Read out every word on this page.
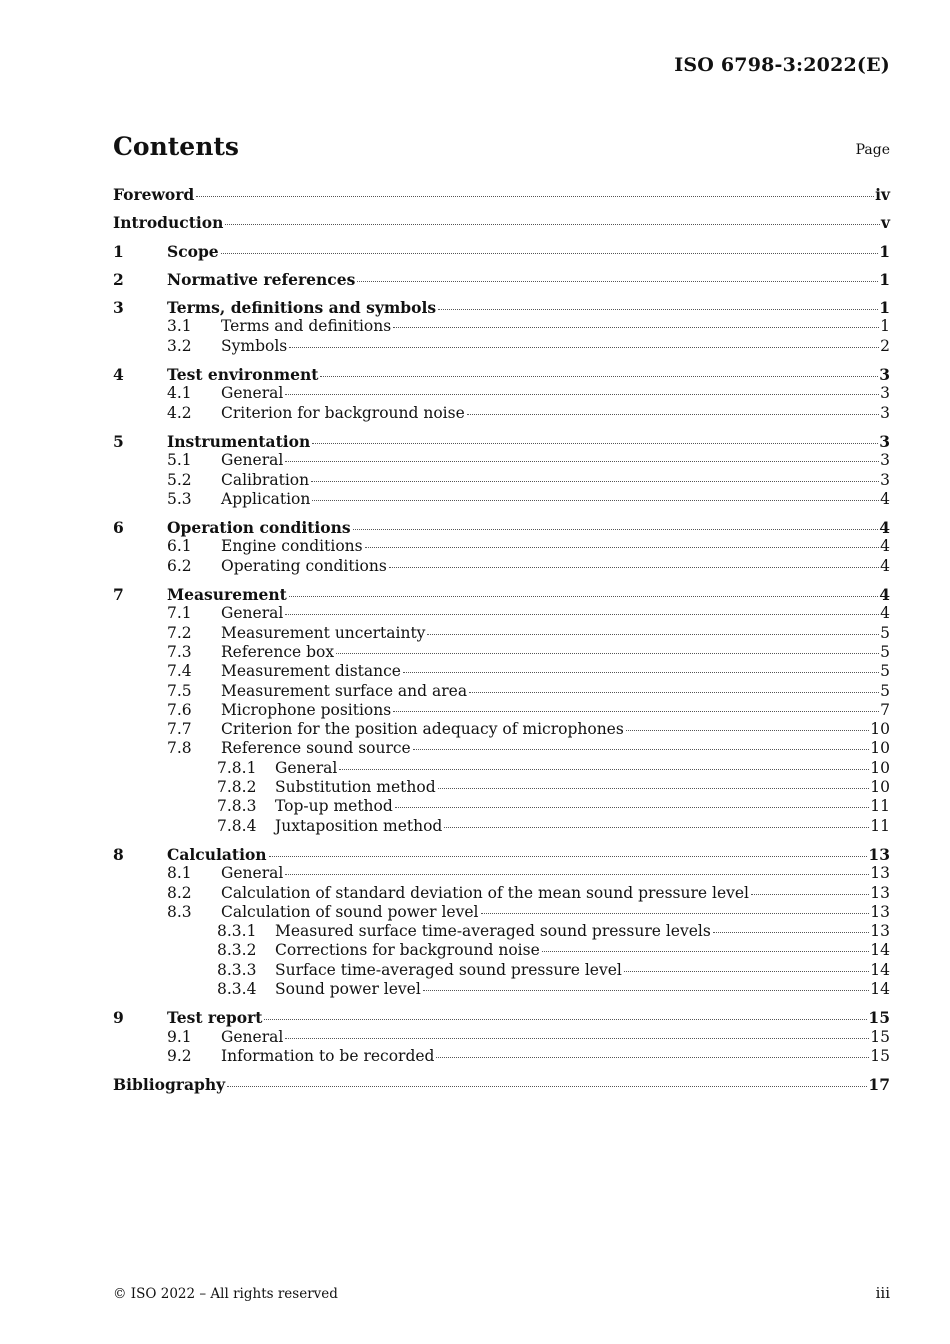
ISO 6798-3:2022(E)
Contents	Page
Foreword	iv
Introduction	v
1	Scope	1
2	Normative references	1
3	Terms, definitions and symbols	1
3.1	Terms and definitions	1
3.2	Symbols	2
4	Test environment	3
4.1	General	3
4.2	Criterion for background noise	3
5	Instrumentation	3
5.1	General	3
5.2	Calibration	3
5.3	Application	4
6	Operation conditions	4
6.1	Engine conditions	4
6.2	Operating conditions	4
7	Measurement	4
7.1	General	4
7.2	Measurement uncertainty	5
7.3	Reference box	5
7.4	Measurement distance	5
7.5	Measurement surface and area	5
7.6	Microphone positions	7
7.7	Criterion for the position adequacy of microphones	10
7.8	Reference sound source	10
7.8.1	General	10
7.8.2	Substitution method	10
7.8.3	Top-up method	11
7.8.4	Juxtaposition method	11
8	Calculation	13
8.1	General	13
8.2	Calculation of standard deviation of the mean sound pressure level	13
8.3	Calculation of sound power level	13
8.3.1	Measured surface time-averaged sound pressure levels	13
8.3.2	Corrections for background noise	14
8.3.3	Surface time-averaged sound pressure level	14
8.3.4	Sound power level	14
9	Test report	15
9.1	General	15
9.2	Information to be recorded	15
Bibliography	17
© ISO 2022 – All rights reserved	iii
